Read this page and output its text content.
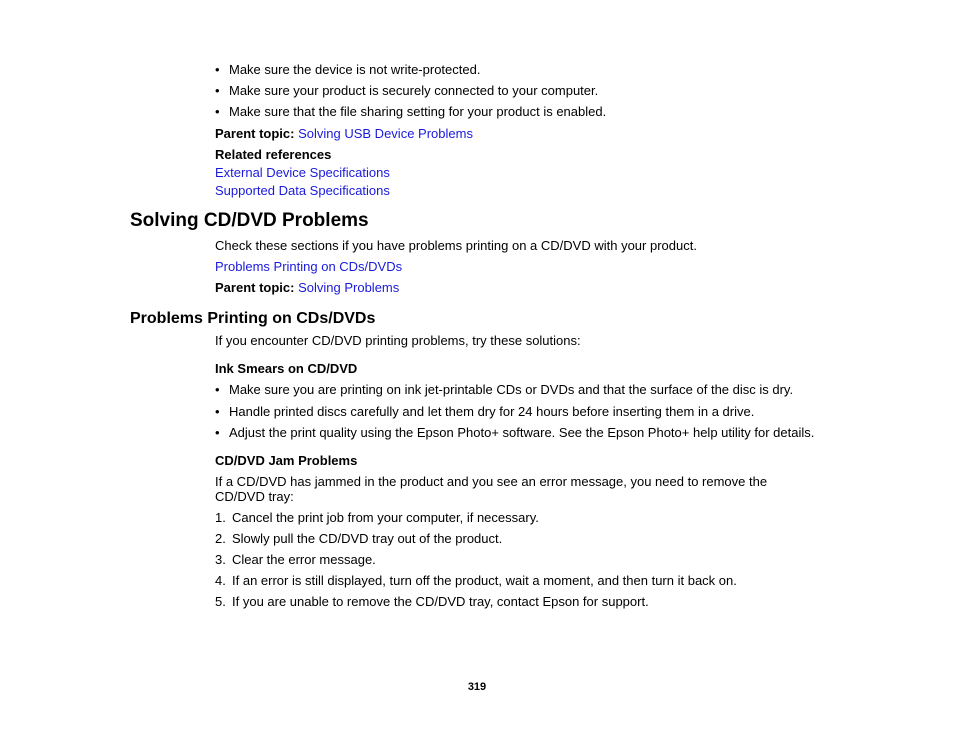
• Make sure the device is not write-protected.
• Make sure your product is securely connected to your computer.
• Make sure that the file sharing setting for your product is enabled.
Parent topic: Solving USB Device Problems
Related references
External Device Specifications
Supported Data Specifications
Solving CD/DVD Problems
Check these sections if you have problems printing on a CD/DVD with your product.
Problems Printing on CDs/DVDs
Parent topic: Solving Problems
Problems Printing on CDs/DVDs
If you encounter CD/DVD printing problems, try these solutions:
Ink Smears on CD/DVD
• Make sure you are printing on ink jet-printable CDs or DVDs and that the surface of the disc is dry.
• Handle printed discs carefully and let them dry for 24 hours before inserting them in a drive.
• Adjust the print quality using the Epson Photo+ software. See the Epson Photo+ help utility for details.
CD/DVD Jam Problems
If a CD/DVD has jammed in the product and you see an error message, you need to remove the
CD/DVD tray:
1. Cancel the print job from your computer, if necessary.
2. Slowly pull the CD/DVD tray out of the product.
3. Clear the error message.
4. If an error is still displayed, turn off the product, wait a moment, and then turn it back on.
5. If you are unable to remove the CD/DVD tray, contact Epson for support.
319
